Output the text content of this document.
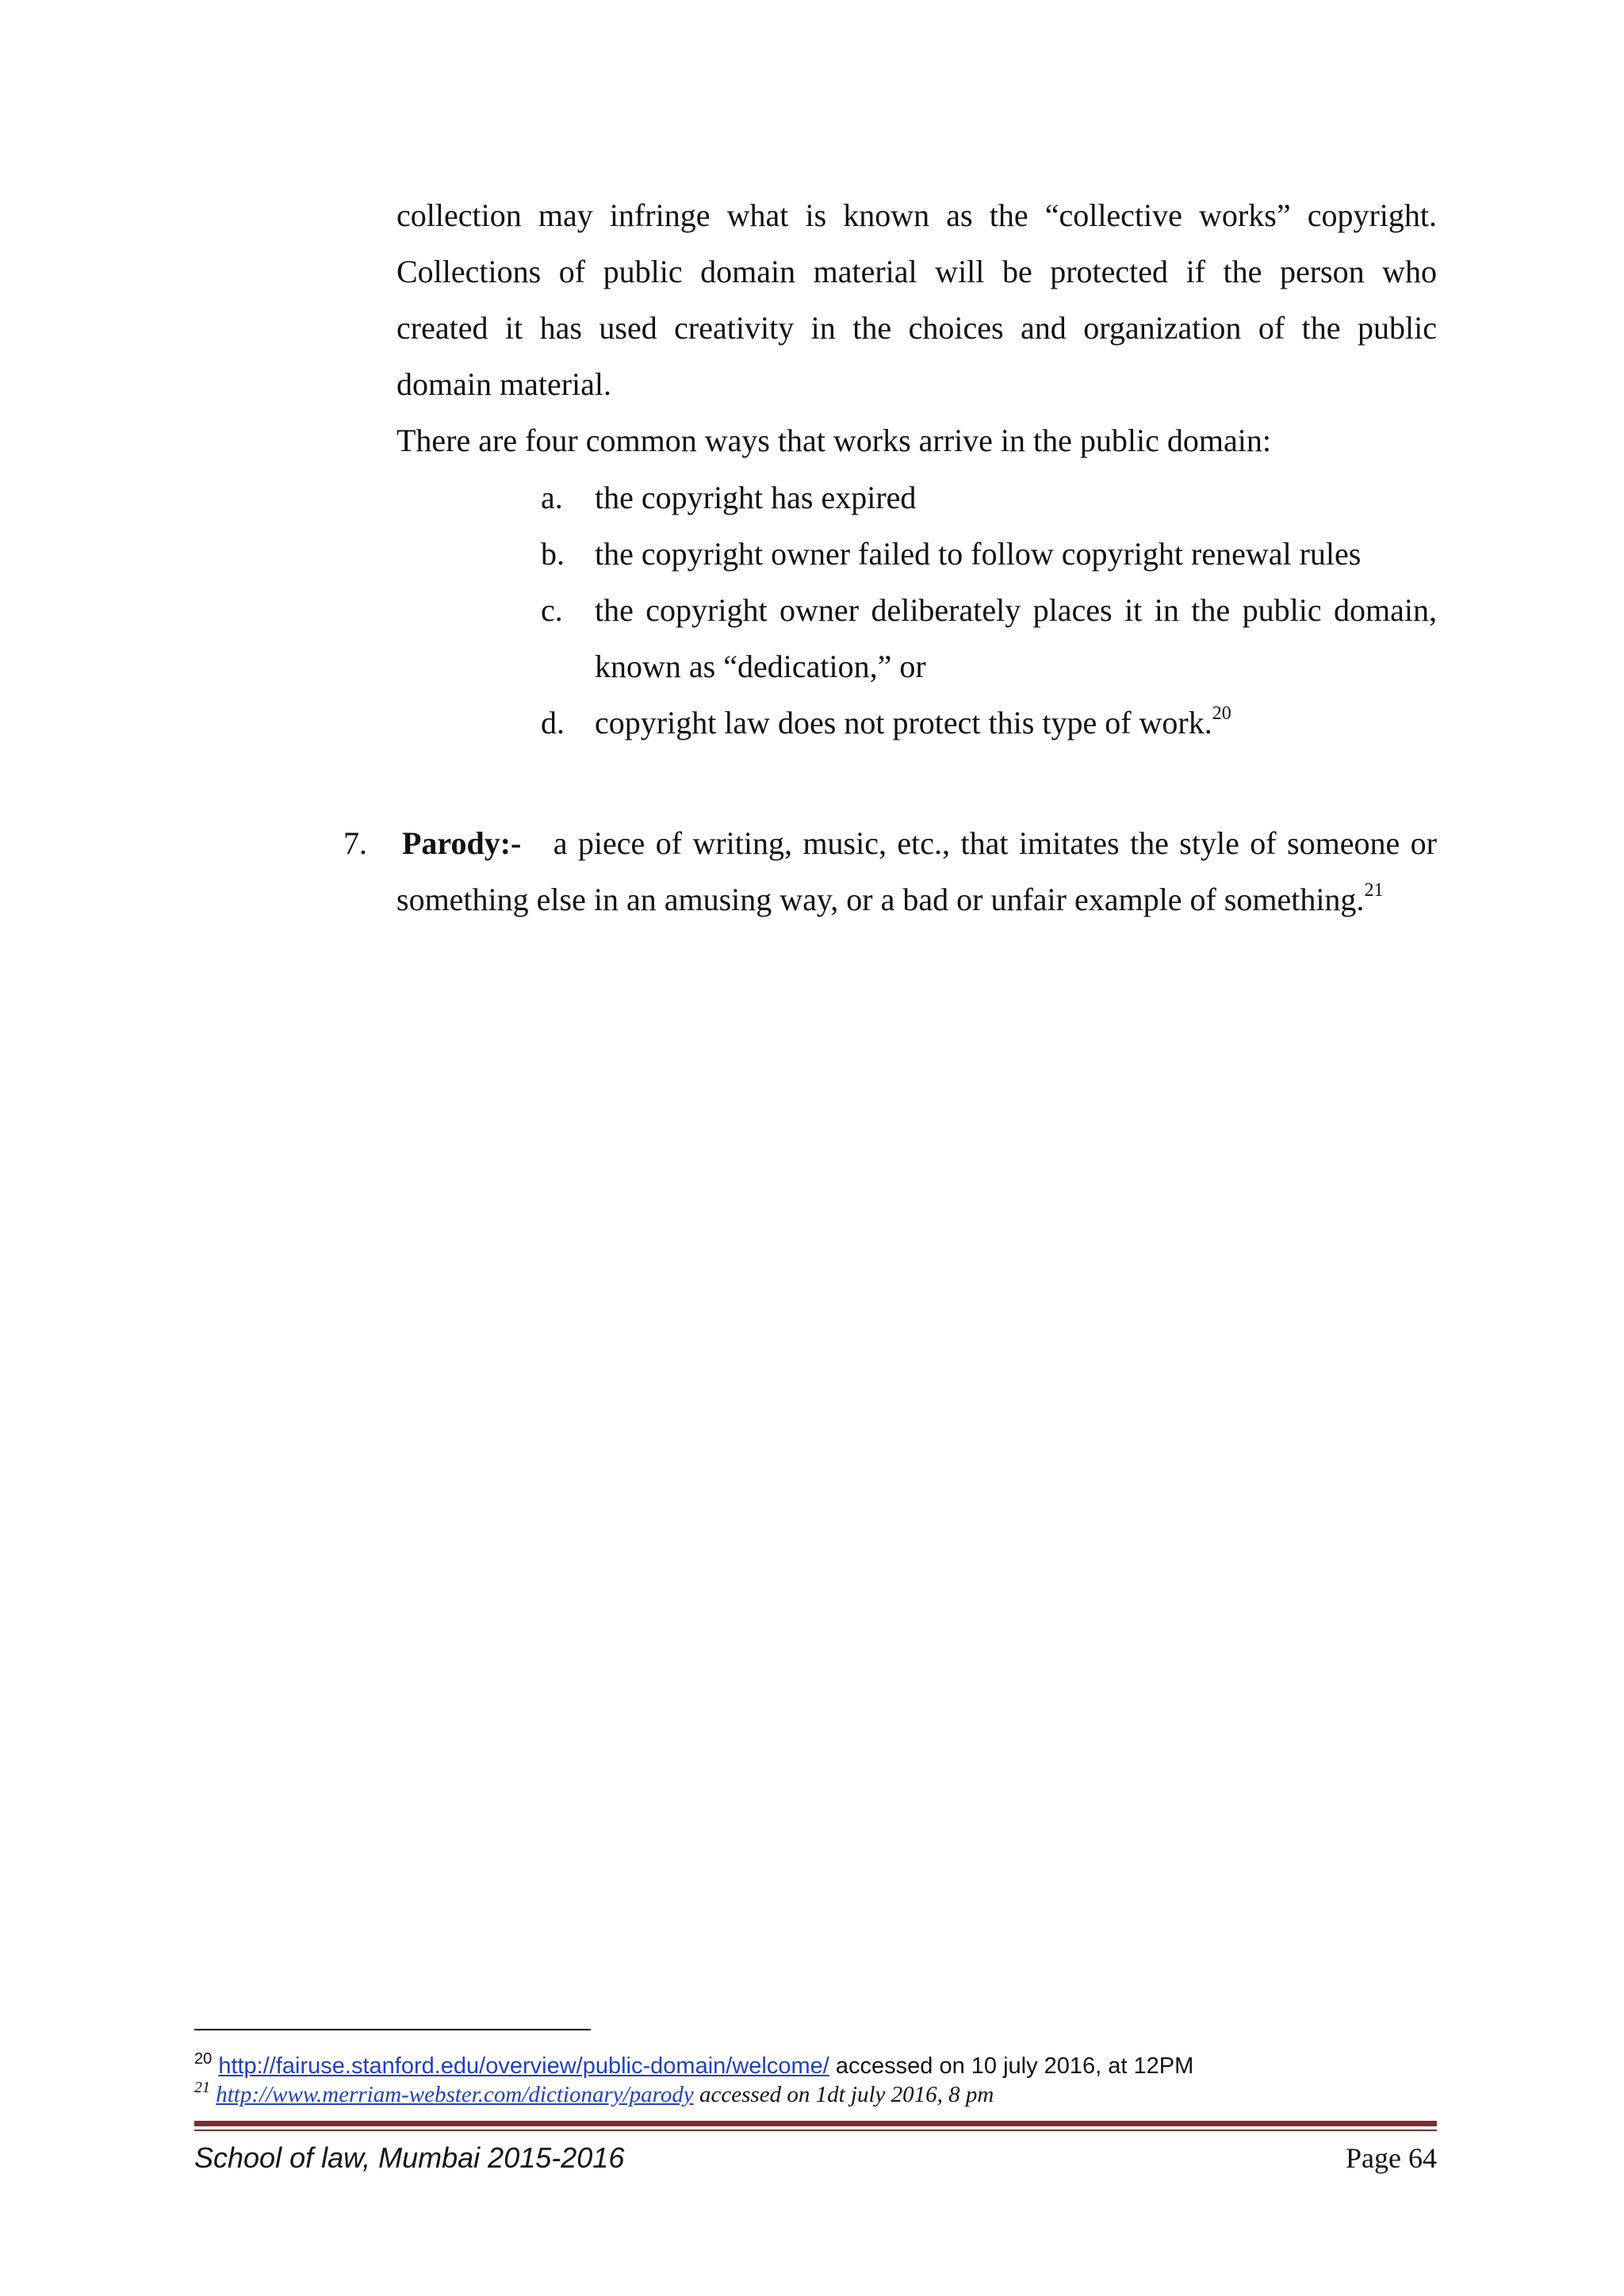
collection may infringe what is known as the “collective works” copyright.
Collections of public domain material will be protected if the person who
created it has used creativity in the choices and organization of the public
domain material.
There are four common ways that works arrive in the public domain:
a. the copyright has expired
b. the copyright owner failed to follow copyright renewal rules
c. the copyright owner deliberately places it in the public domain,
known as “dedication,” or
d. copyright law does not protect this type of work.$^{20}$
7. Parody:- a piece of writing, music, etc., that imitates the style of someone or
something else in an amusing way, or a bad or unfair example of something.$^{21}$
$^{20}$ http://fairuse.stanford.edu/overview/public-domain/welcome/ accessed on 10 july 2016, at 12PM
$^{21}$ http://www.merriam-webster.com/dictionary/parody accessed on 1dt july 2016, 8 pm
School of law, Mumbai 2015-2016	Page 64
